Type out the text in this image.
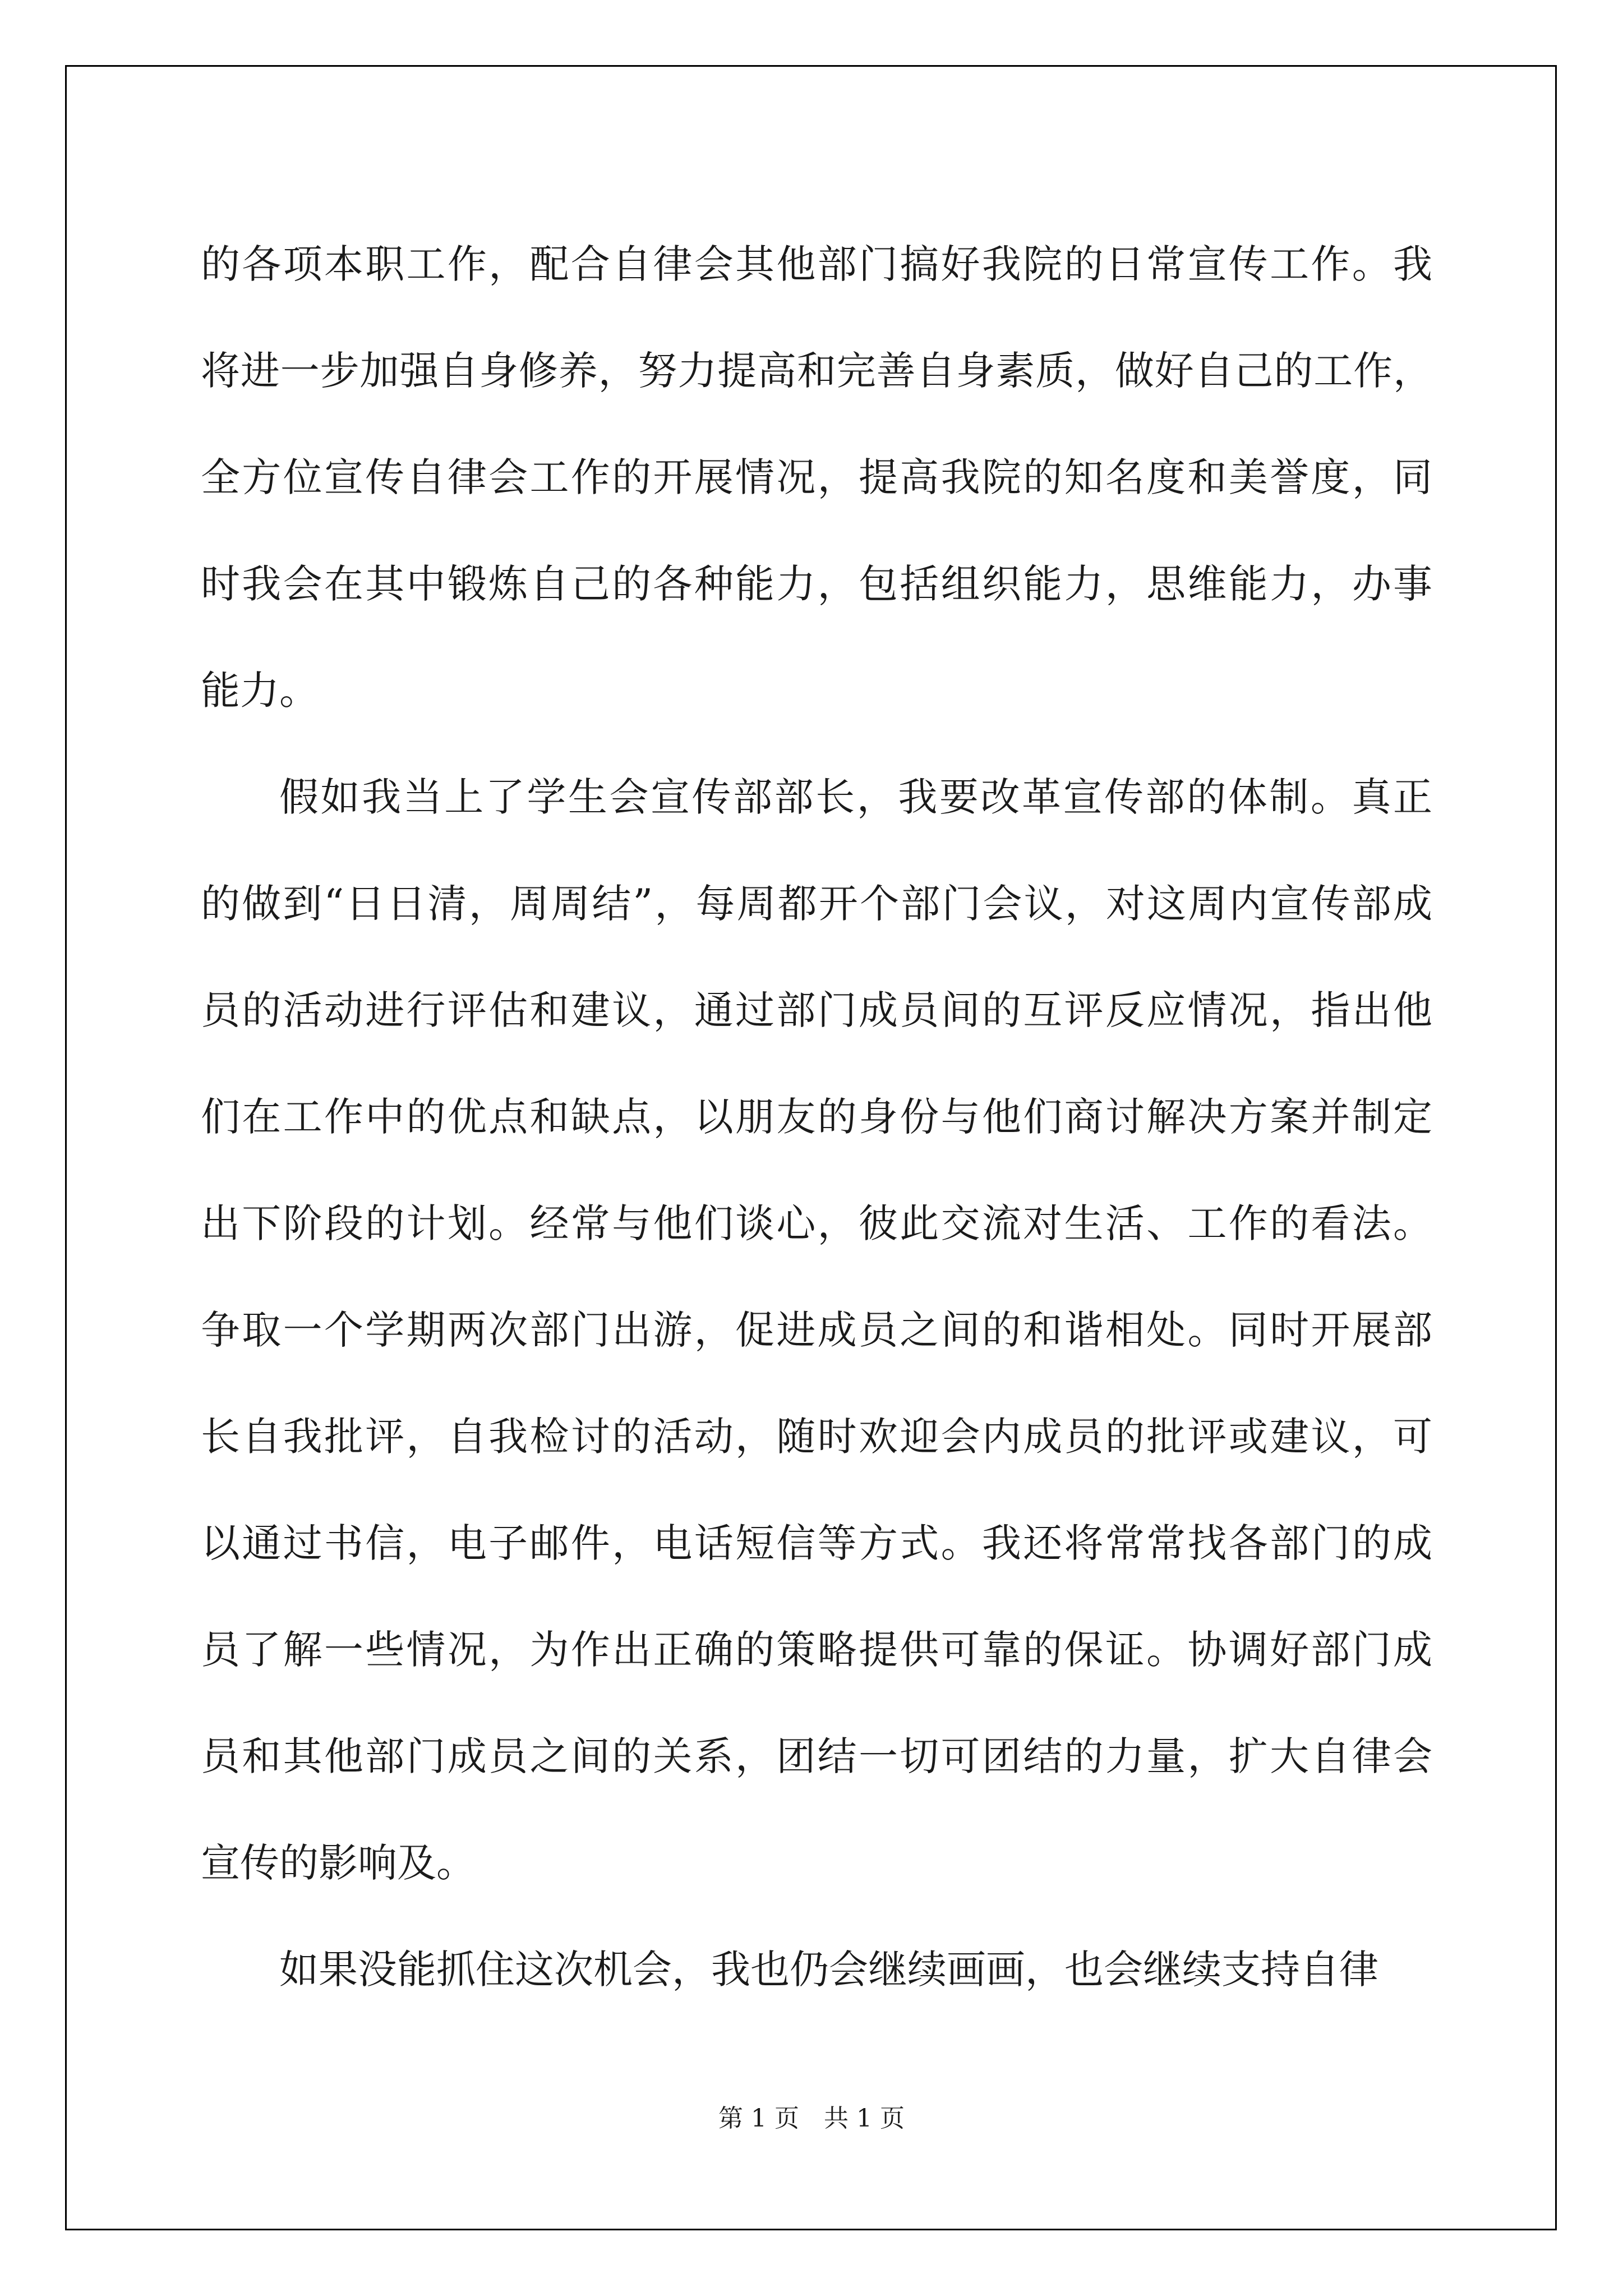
的各项本职工作，配合自律会其他部门搞好我院的日常宣传工作。我
将进一步加强自身修养，努力提高和完善自身素质，做好自己的工作，
全方位宣传自律会工作的开展情况，提高我院的知名度和美誉度，同
时我会在其中锻炼自己的各种能力，包括组织能力，思维能力，办事
能力。
假如我当上了学生会宣传部部长，我要改革宣传部的体制。真正
的做到“日日清，周周结”，每周都开个部门会议，对这周内宣传部成
员的活动进行评估和建议，通过部门成员间的互评反应情况，指出他
们在工作中的优点和缺点，以朋友的身份与他们商讨解决方案并制定
出下阶段的计划。经常与他们谈心，彼此交流对生活、工作的看法。
争取一个学期两次部门出游，促进成员之间的和谐相处。同时开展部
长自我批评，自我检讨的活动，随时欢迎会内成员的批评或建议，可
以通过书信，电子邮件，电话短信等方式。我还将常常找各部门的成
员了解一些情况，为作出正确的策略提供可靠的保证。协调好部门成
员和其他部门成员之间的关系，团结一切可团结的力量，扩大自律会
宣传的影响及。
如果没能抓住这次机会，我也仍会继续画画，也会继续支持自律
第 1 页　共 1 页
